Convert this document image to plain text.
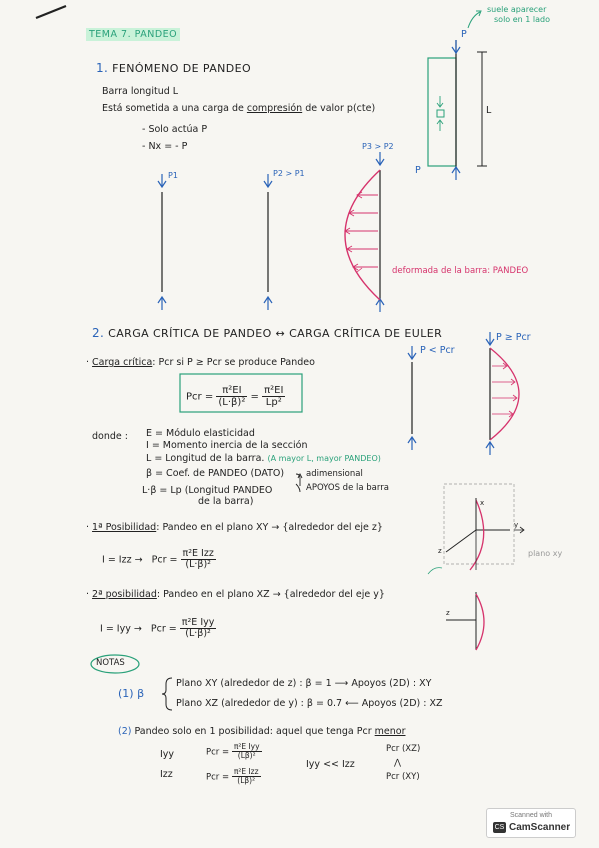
TEMA 7. PANDEO
suele aparecer
solo en 1 lado
1. FENÓMENO DE PANDEO
Barra longitud L
Está sometida a una carga de compresión de valor p(cte)
- Solo actúa P
- Nx = - P
P
P
L
P1	P2 > P1
P3 > P2
deformada de la barra: PANDEO
2. CARGA CRÍTICA DE PANDEO ↔ CARGA CRÍTICA DE EULER
· Carga crítica: Pcr si P ≥ Pcr se produce Pandeo
Pcr = $\frac{\text{π²EI}}{\text{(L·β)²}} = \frac{\text{π²EI}}{\text{Lp²}}$
P < Pcr
P ≥ Pcr
donde : E = Módulo elasticidad
I = Momento inercia de la sección
L = Longitud de la barra. (A mayor L, mayor PANDEO)
β = Coef. de PANDEO (DATO)	adimensional
APOYOS de la barra
L·β = Lp (Longitud PANDEO
de la barra)
· 1ª Posibilidad: Pandeo en el plano XY → {alrededor del eje z}
I = Izz → Pcr = $\frac{\text{π²E Izz}}{\text{(L·β)²}}$
x
y
z	plano xy
· 2ª posibilidad: Pandeo en el plano XZ → {alrededor del eje y}
I = Iyy → Pcr = $\frac{\text{π²E Iyy}}{\text{(L·β)²}}$
z
NOTAS
(1) β
Plano XY (alrededor de z) : β = 1 ⟶ Apoyos (2D) : XY
Plano XZ (alrededor de y) : β = 0.7 ⟵ Apoyos (2D) : XZ
(2) Pandeo solo en 1 posibilidad: aquel que tenga Pcr menor
Iyy
Izz
Pcr = $\frac{\text{π²E Iyy}}{\text{(Lβ)²}}$
Pcr = $\frac{\text{π²E Izz}}{\text{(Lβ)²}}$
Iyy << Izz
Pcr (XZ)
⋀
Pcr (XY)
Scanned with
CS CamScanner
